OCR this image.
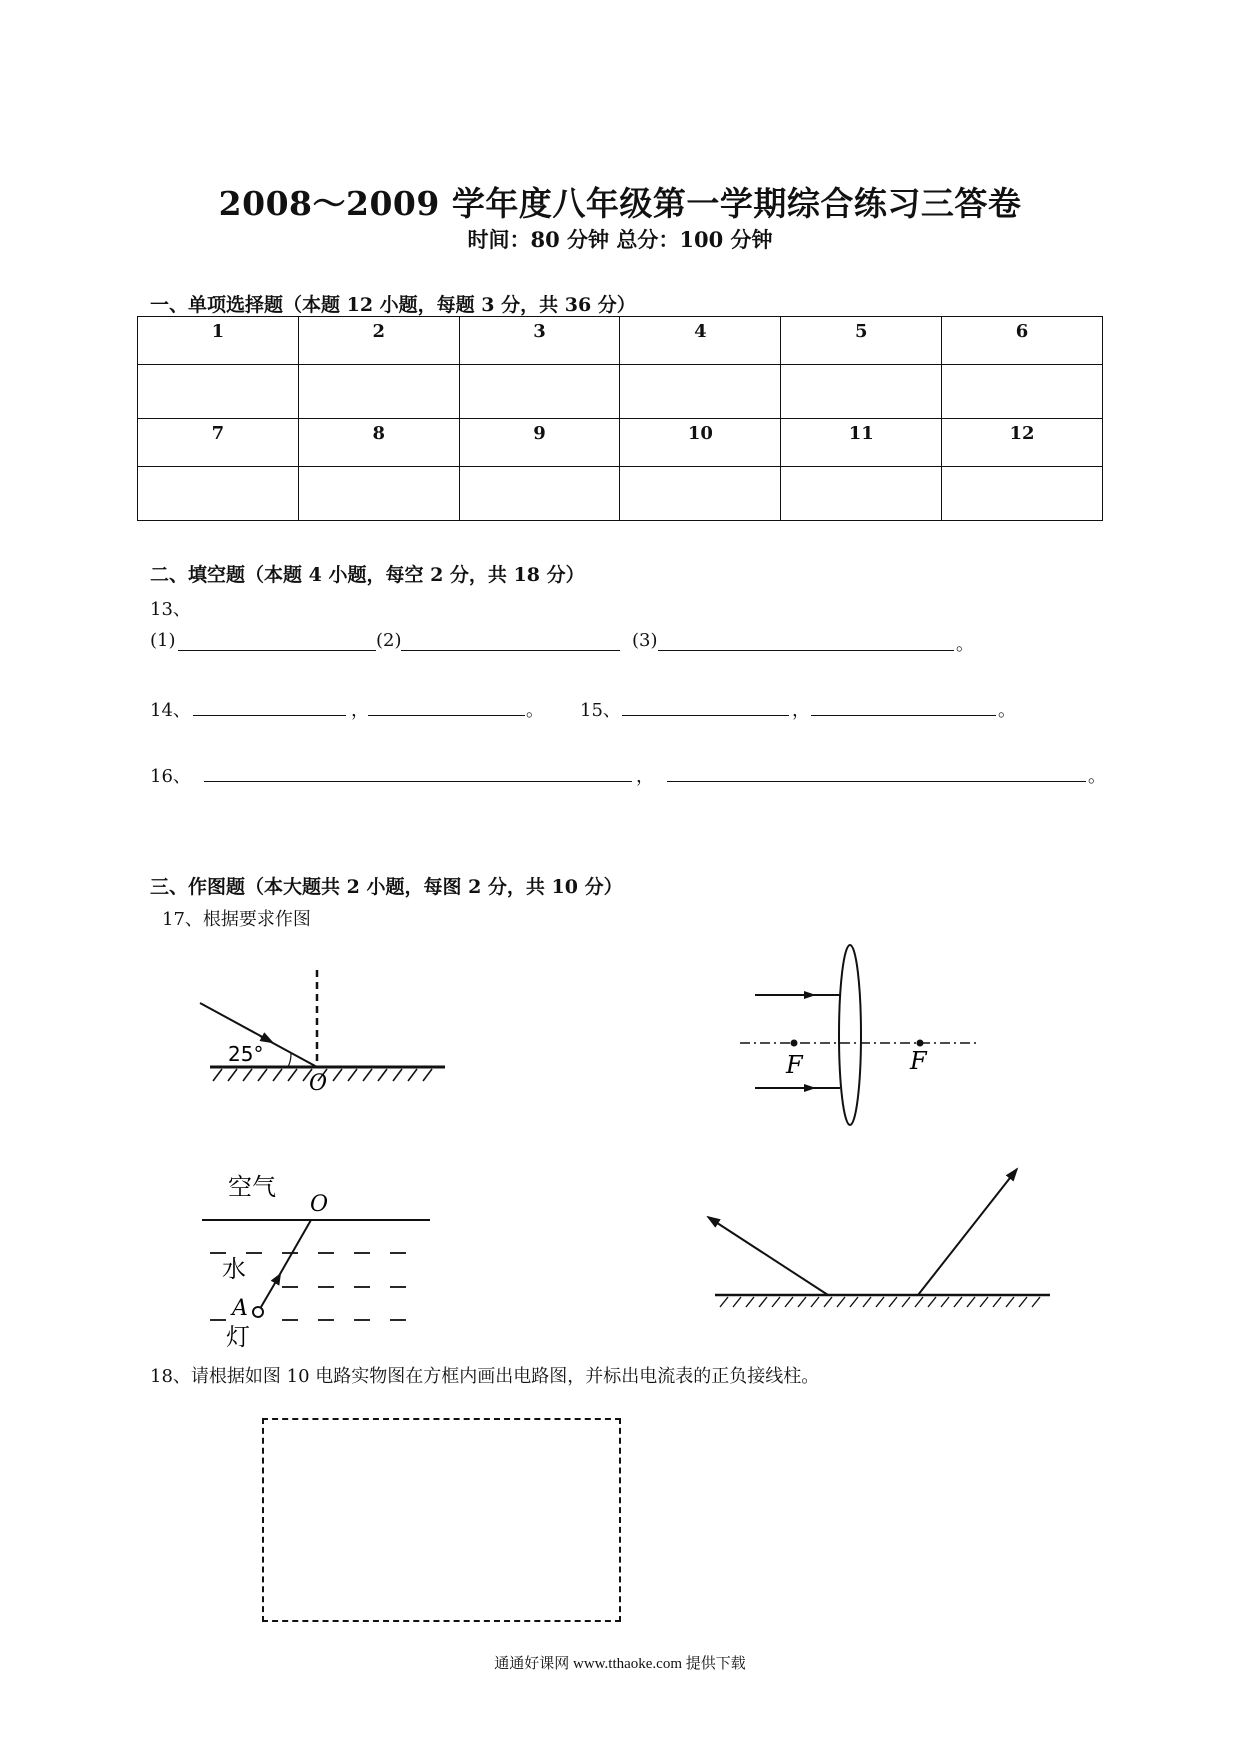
2008～2009 学年度八年级第一学期综合练习三答卷
时间：80 分钟 总分：100 分钟
一、单项选择题（本题 12 小题，每题 3 分，共 36 分）
1	2	3	4	5	6

7	8	9	10	11	12

二、填空题（本题 4 小题，每空 2 分，共 18 分）
13、
(1)	(2)	(3)	。
14、	，	。 15、	，	。
16、	，	。
三、作图题（本大题共 2 小题，每图 2 分，共 10 分）
17、根据要求作图
25°
O
F	F
空气
O
水
A
灯
18、请根据如图 10 电路实物图在方框内画出电路图，并标出电流表的正负接线柱。
通通好课网 www.tthaoke.com 提供下载
